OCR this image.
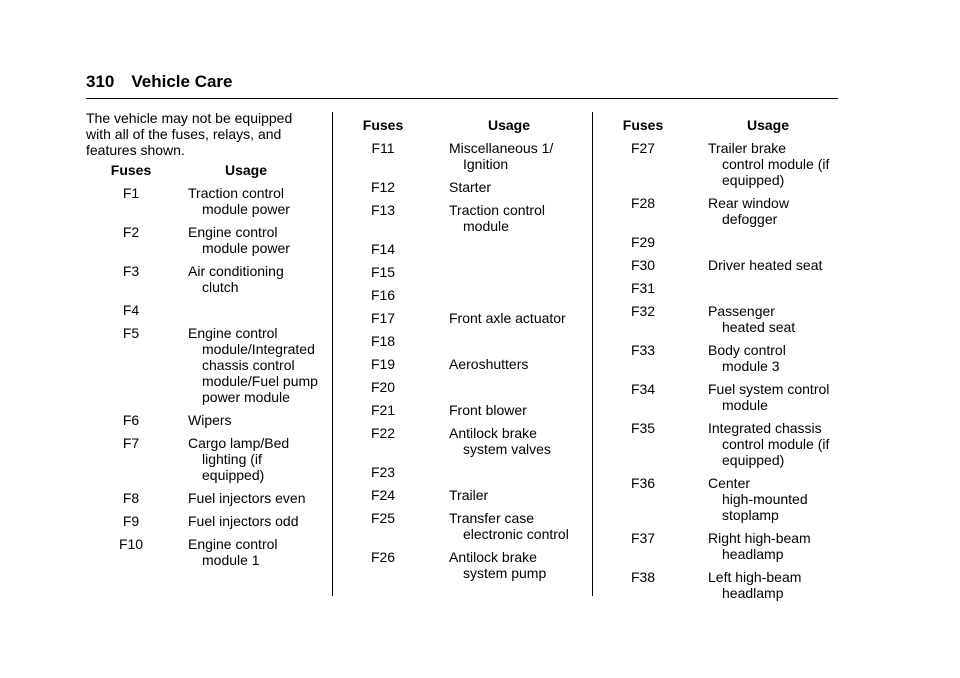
310 Vehicle Care
The vehicle may not be equipped with all of the fuses, relays, and features shown.
Fuses	Usage
F1	Traction control
module power
F2	Engine control
module power
F3	Air conditioning
clutch
F4

F5	Engine control
module/Integrated
chassis control
module/Fuel pump
power module
F6	Wipers
F7	Cargo lamp/Bed
lighting (if
equipped)
F8	Fuel injectors even
F9	Fuel injectors odd
F10	Engine control
module 1
Fuses	Usage
F11	Miscellaneous 1/
Ignition
F12	Starter
F13	Traction control
module
F14

F15

F16

F17	Front axle actuator
F18

F19	Aeroshutters
F20

F21	Front blower
F22	Antilock brake
system valves
F23

F24	Trailer
F25	Transfer case
electronic control
F26	Antilock brake
system pump
Fuses	Usage
F27	Trailer brake
control module (if
equipped)
F28	Rear window
defogger
F29

F30	Driver heated seat
F31

F32	Passenger
heated seat
F33	Body control
module 3
F34	Fuel system control
module
F35	Integrated chassis
control module (if
equipped)
F36	Center
high-mounted
stoplamp
F37	Right high-beam
headlamp
F38	Left high-beam
headlamp
